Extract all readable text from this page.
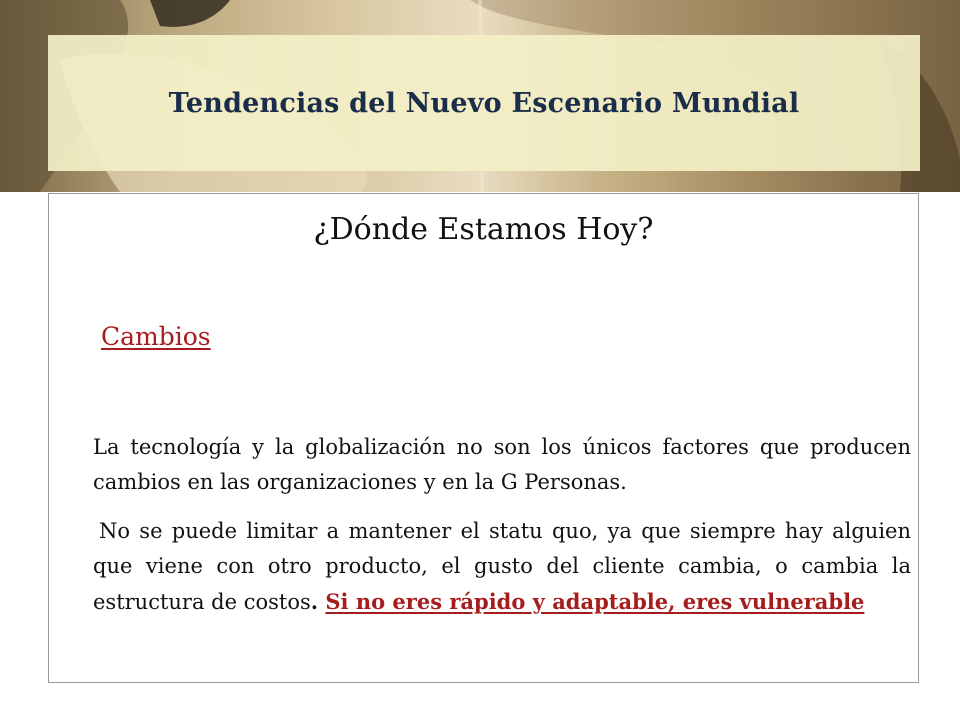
Tendencias del Nuevo Escenario Mundial
¿Dónde Estamos Hoy?
Cambios

La tecnología y la globalización no son los únicos factores que producen cambios en las organizaciones y en la G Personas.

No se puede limitar a mantener el statu quo, ya que siempre hay alguien que viene con otro producto, el gusto del cliente cambia, o cambia la estructura de costos. Si no eres rápido y adaptable, eres vulnerable
